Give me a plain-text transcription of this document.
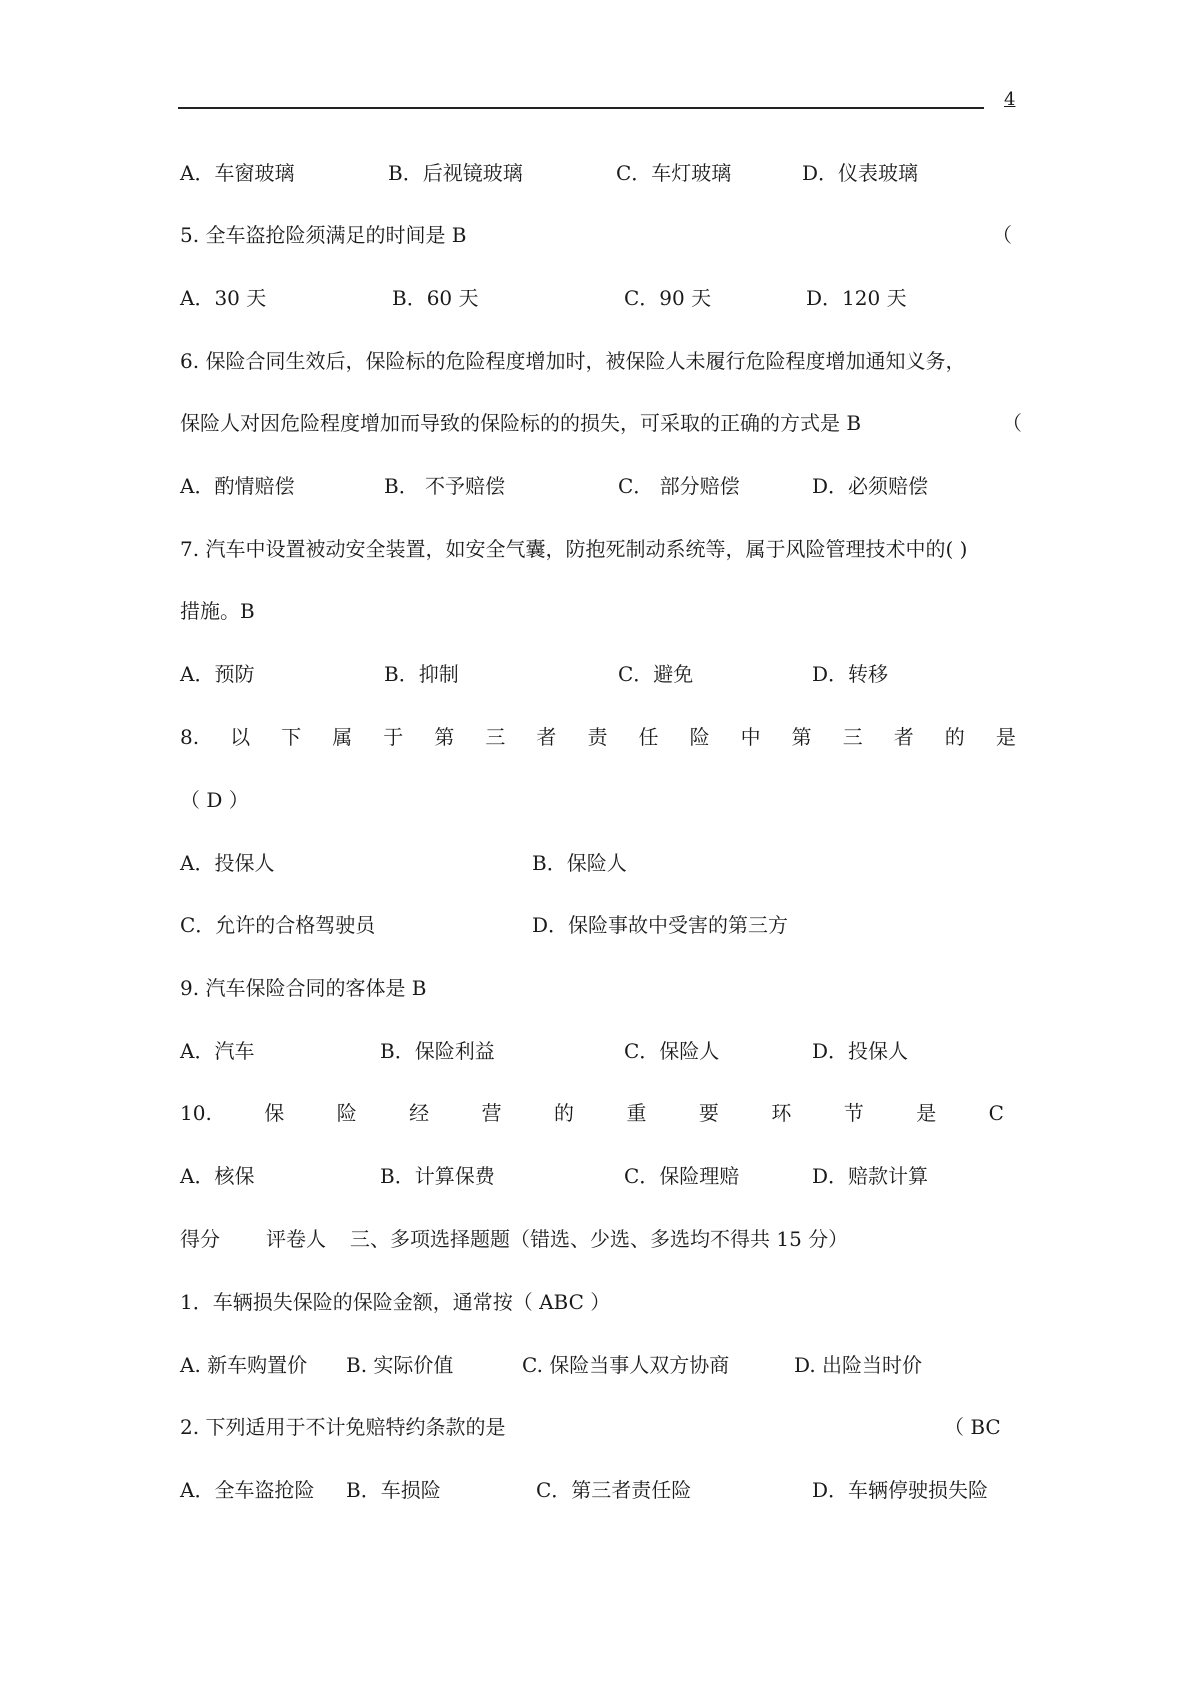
4
A．车窗玻璃	B．后视镜玻璃	C．车灯玻璃	D．仪表玻璃
5. 全车盗抢险须满足的时间是 B	（
A．30 天	B．60 天	C．90 天	D．120 天
6. 保险合同生效后，保险标的危险程度增加时，被保险人未履行危险程度增加通知义务，
保险人对因危险程度增加而导致的保险标的的损失，可采取的正确的方式是 B	（
A．酌情赔偿	B． 不予赔偿	C． 部分赔偿	D．必须赔偿
7. 汽车中设置被动安全装置，如安全气囊，防抱死制动系统等，属于风险管理技术中的( )
措施。B
A．预防	B．抑制	C．避免	D．转移
8. 以 下 属 于 第 三 者 责 任 险 中 第 三 者 的 是
（ D ）
A．投保人	B．保险人
C．允许的合格驾驶员	D．保险事故中受害的第三方
9. 汽车保险合同的客体是 B
A．汽车	B．保险利益	C．保险人	D．投保人
10.	保	险	经	营	的	重	要	环	节	是	C
A．核保	B．计算保费	C．保险理赔	D．赔款计算
得分 评卷人 三、多项选择题题（错选、少选、多选均不得共 15 分）
1．车辆损失保险的保险金额，通常按（ ABC ）
A. 新车购置价 B. 实际价值	C. 保险当事人双方协商	D. 出险当时价
2. 下列适用于不计免赔特约条款的是	（ BC
A．全车盗抢险 B．车损险	C．第三者责任险	D．车辆停驶损失险
